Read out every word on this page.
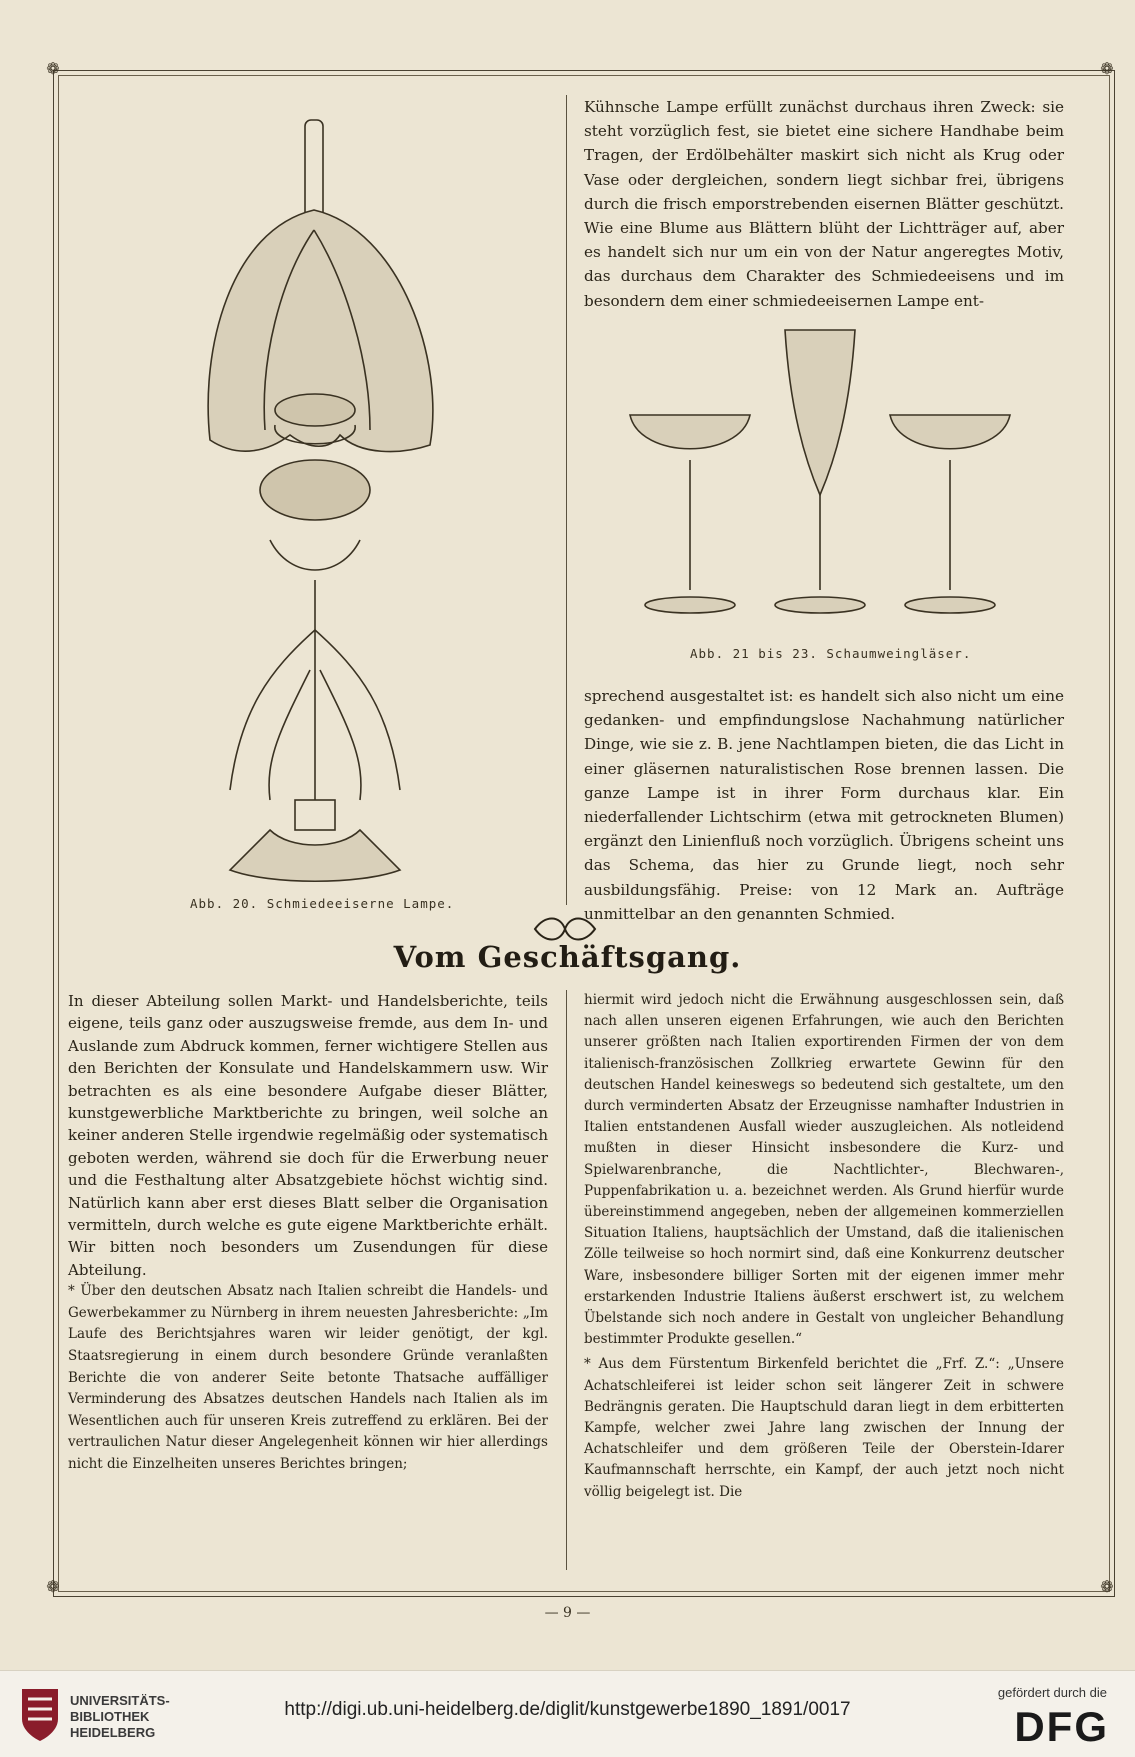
❁	❁
❁	❁
Abb. 20. Schmiedeeiserne Lampe.

Kühnsche Lampe erfüllt zunächst durchaus ihren Zweck: sie steht vorzüglich fest, sie bietet eine sichere Handhabe beim Tragen, der Erdölbehälter maskirt sich nicht als Krug oder Vase oder dergleichen, sondern liegt sichbar frei, übrigens durch die frisch emporstrebenden eisernen Blätter geschützt. Wie eine Blume aus Blättern blüht der Lichtträger auf, aber es handelt sich nur um ein von der Natur angeregtes Motiv, das durchaus dem Charakter des Schmiedeeisens und im besondern dem einer schmiedeeisernen Lampe ent-

Abb. 21 bis 23. Schaumweingläser.

sprechend ausgestaltet ist: es handelt sich also nicht um eine gedanken- und empfindungslose Nachahmung natürlicher Dinge, wie sie z. B. jene Nachtlampen bieten, die das Licht in einer gläsernen naturalistischen Rose brennen lassen. Die ganze Lampe ist in ihrer Form durchaus klar. Ein niederfallender Lichtschirm (etwa mit getrockneten Blumen) ergänzt den Linienfluß noch vorzüglich. Übrigens scheint uns das Schema, das hier zu Grunde liegt, noch sehr ausbildungsfähig. Preise: von 12 Mark an. Aufträge unmittelbar an den genannten Schmied.

Vom Geschäftsgang.

In dieser Abteilung sollen Markt- und Handelsberichte, teils eigene, teils ganz oder auszugsweise fremde, aus dem In- und Auslande zum Abdruck kommen, ferner wichtigere Stellen aus den Berichten der Konsulate und Handelskammern usw. Wir betrachten es als eine besondere Aufgabe dieser Blätter, kunstgewerbliche Marktberichte zu bringen, weil solche an keiner anderen Stelle irgendwie regelmäßig oder systematisch geboten werden, während sie doch für die Erwerbung neuer und die Festhaltung alter Absatzgebiete höchst wichtig sind. Natürlich kann aber erst dieses Blatt selber die Organisation vermitteln, durch welche es gute eigene Marktberichte erhält. Wir bitten noch besonders um Zusendungen für diese Abteilung.

* Über den deutschen Absatz nach Italien schreibt die Handels- und Gewerbekammer zu Nürnberg in ihrem neuesten Jahresberichte: „Im Laufe des Berichtsjahres waren wir leider genötigt, der kgl. Staatsregierung in einem durch besondere Gründe veranlaßten Berichte die von anderer Seite betonte Thatsache auffälliger Verminderung des Absatzes deutschen Handels nach Italien als im Wesentlichen auch für unseren Kreis zutreffend zu erklären. Bei der vertraulichen Natur dieser Angelegenheit können wir hier allerdings nicht die Einzelheiten unseres Berichtes bringen;

hiermit wird jedoch nicht die Erwähnung ausgeschlossen sein, daß nach allen unseren eigenen Erfahrungen, wie auch den Berichten unserer größten nach Italien exportirenden Firmen der von dem italienisch-französischen Zollkrieg erwartete Gewinn für den deutschen Handel keineswegs so bedeutend sich gestaltete, um den durch verminderten Absatz der Erzeugnisse namhafter Industrien in Italien entstandenen Ausfall wieder auszugleichen. Als notleidend mußten in dieser Hinsicht insbesondere die Kurz- und Spielwarenbranche, die Nachtlichter-, Blechwaren-, Puppenfabrikation u. a. bezeichnet werden. Als Grund hierfür wurde übereinstimmend angegeben, neben der allgemeinen kommerziellen Situation Italiens, hauptsächlich der Umstand, daß die italienischen Zölle teilweise so hoch normirt sind, daß eine Konkurrenz deutscher Ware, insbesondere billiger Sorten mit der eigenen immer mehr erstarkenden Industrie Italiens äußerst erschwert ist, zu welchem Übelstande sich noch andere in Gestalt von ungleicher Behandlung bestimmter Produkte gesellen.“

* Aus dem Fürstentum Birkenfeld berichtet die „Frf. Z.“: „Unsere Achatschleiferei ist leider schon seit längerer Zeit in schwere Bedrängnis geraten. Die Hauptschuld daran liegt in dem erbitterten Kampfe, welcher zwei Jahre lang zwischen der Innung der Achatschleifer und dem größeren Teile der Oberstein-Idarer Kaufmannschaft herrschte, ein Kampf, der auch jetzt noch nicht völlig beigelegt ist. Die

— 9 —
UNIVERSITÄTS-
BIBLIOTHEK
HEIDELBERG
http://digi.ub.uni-heidelberg.de/diglit/kunstgewerbe1890_1891/0017
gefördert durch die
DFG
